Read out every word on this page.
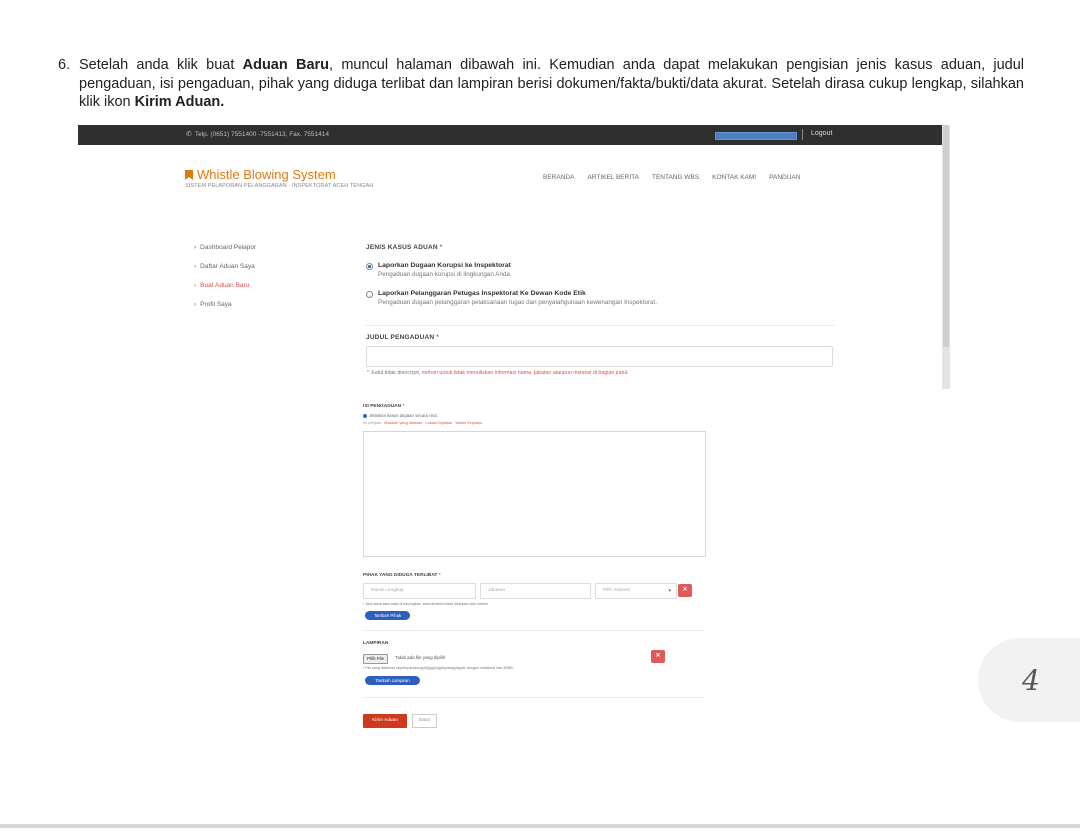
6. Setelah anda klik buat Aduan Baru, muncul halaman dibawah ini. Kemudian anda dapat melakukan pengisian jenis kasus aduan, judul pengaduan, isi pengaduan, pihak yang diduga terlibat dan lampiran berisi dokumen/fakta/bukti/data akurat. Setelah dirasa cukup lengkap, silahkan klik ikon Kirim Aduan.
✆ Telp. (0651) 7551400 -7551413, Fax. 7551414	Logout
Whistle Blowing System
SISTEM PELAPORAN PELANGGARAN - INSPEKTORAT ACEH TENGAH
BERANDA ARTIKEL BERITA TENTANG WBS KONTAK KAMI PANDUAN
› Dashboard Pelapor
› Daftar Aduan Saya
› Buat Aduan Baru
› Profil Saya
JENIS KASUS ADUAN *
Laporkan Dugaan Korupsi ke Inspektorat
Pengaduan dugaan korupsi di lingkungan Anda.
Laporkan Pelanggaran Petugas Inspektorat Ke Dewan Kode Etik
Pengaduan dugaan pelanggaran pelaksanaan tugas dan penyalahgunaan kewenangan Inspektorat.
JUDUL PENGADUAN *
* Judul tidak diencrypt, mohon untuk tidak menuliskan informasi nama, jabatan ataupun instansi di bagian judul.
ISI PENGADUAN *
Jelaskan kasus dugaan secara rinci.
Isi meliputi : Masalah yang diaduan , Lokasi Kejadian , Waktu Kejadian.
PIHAK YANG DIDUGA TERLIBAT *
Nama Lengkap	Jabatan	Pilih Instansi	▾	✕
* Jika nama atau atipe di kosongkan, baris tersebut tidak disimpan oleh sistem.
Tambah Pihak
LAMPIRAN
Pilih File	Tidak ada file yang dipilih	✕
* File yang diizinkan zip|doc|rar|docx|pdf|jpg|png|xls|xlsx|ppt|pptx dengan maksimal size 50MB.
Tambah Lampiran
Kirim Aduan	Batal
4
